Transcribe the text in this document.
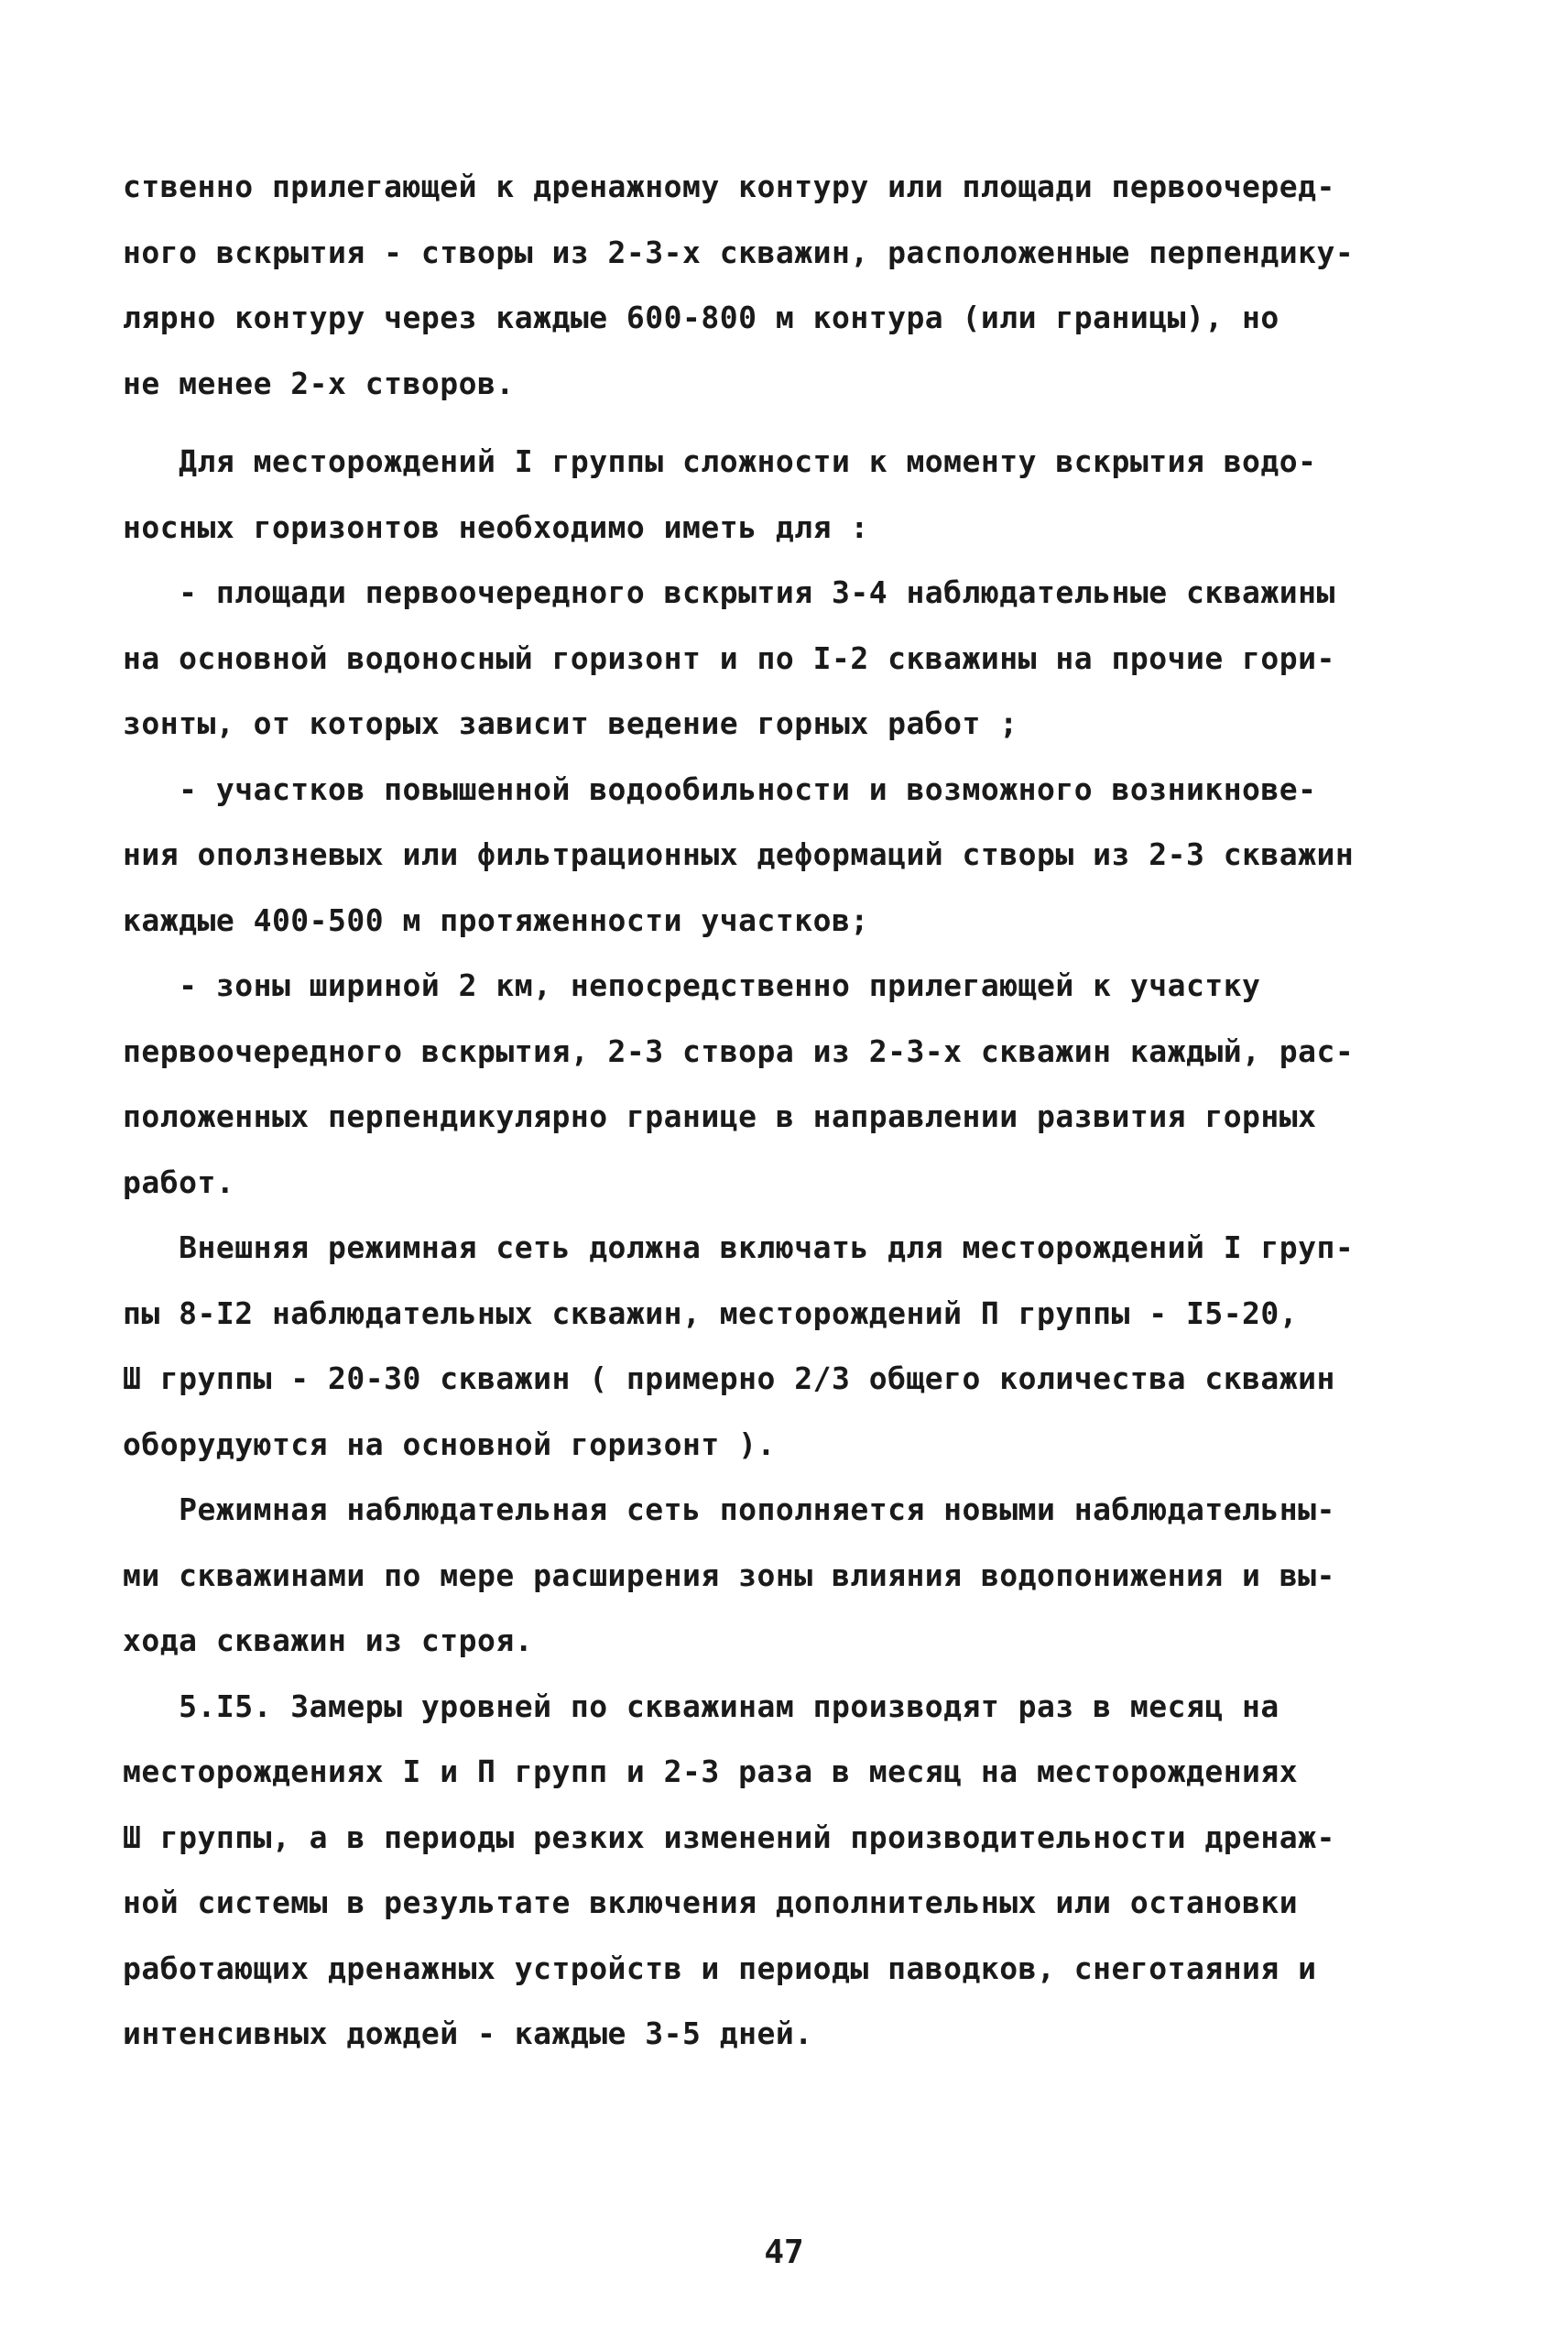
ственно прилегающей к дренажному контуру или площади первоочеред-
ного вскрытия - створы из 2-3-х скважин, расположенные перпендику-
лярно контуру через каждые 600-800 м контура (или границы), но
не менее 2-х створов.
Для месторождений I группы сложности к моменту вскрытия водо-
носных горизонтов необходимо иметь для :
- площади первоочередного вскрытия 3-4 наблюдательные скважины
на основной водоносный горизонт и по I-2 скважины на прочие гори-
зонты, от которых зависит ведение горных работ ;
- участков повышенной водообильности и возможного возникнове-
ния оползневых или фильтрационных деформаций створы из 2-3 скважин
каждые 400-500 м протяженности участков;
- зоны шириной 2 км, непосредственно прилегающей к участку
первоочередного вскрытия, 2-3 створа из 2-3-х скважин каждый, рас-
положенных перпендикулярно границе в направлении развития горных
работ.
Внешняя режимная сеть должна включать для месторождений I груп-
пы 8-I2 наблюдательных скважин, месторождений П группы - I5-20,
Ш группы - 20-30 скважин ( примерно 2/3 общего количества скважин
оборудуются на основной горизонт ).
Режимная наблюдательная сеть пополняется новыми наблюдательны-
ми скважинами по мере расширения зоны влияния водопонижения и вы-
хода скважин из строя.
5.I5. Замеры уровней по скважинам производят раз в месяц на
месторождениях I и П групп и 2-3 раза в месяц на месторождениях
Ш группы, а в периоды резких изменений производительности дренаж-
ной системы в результате включения дополнительных или остановки
работающих дренажных устройств и периоды паводков, снеготаяния и
интенсивных дождей - каждые 3-5 дней.
47
